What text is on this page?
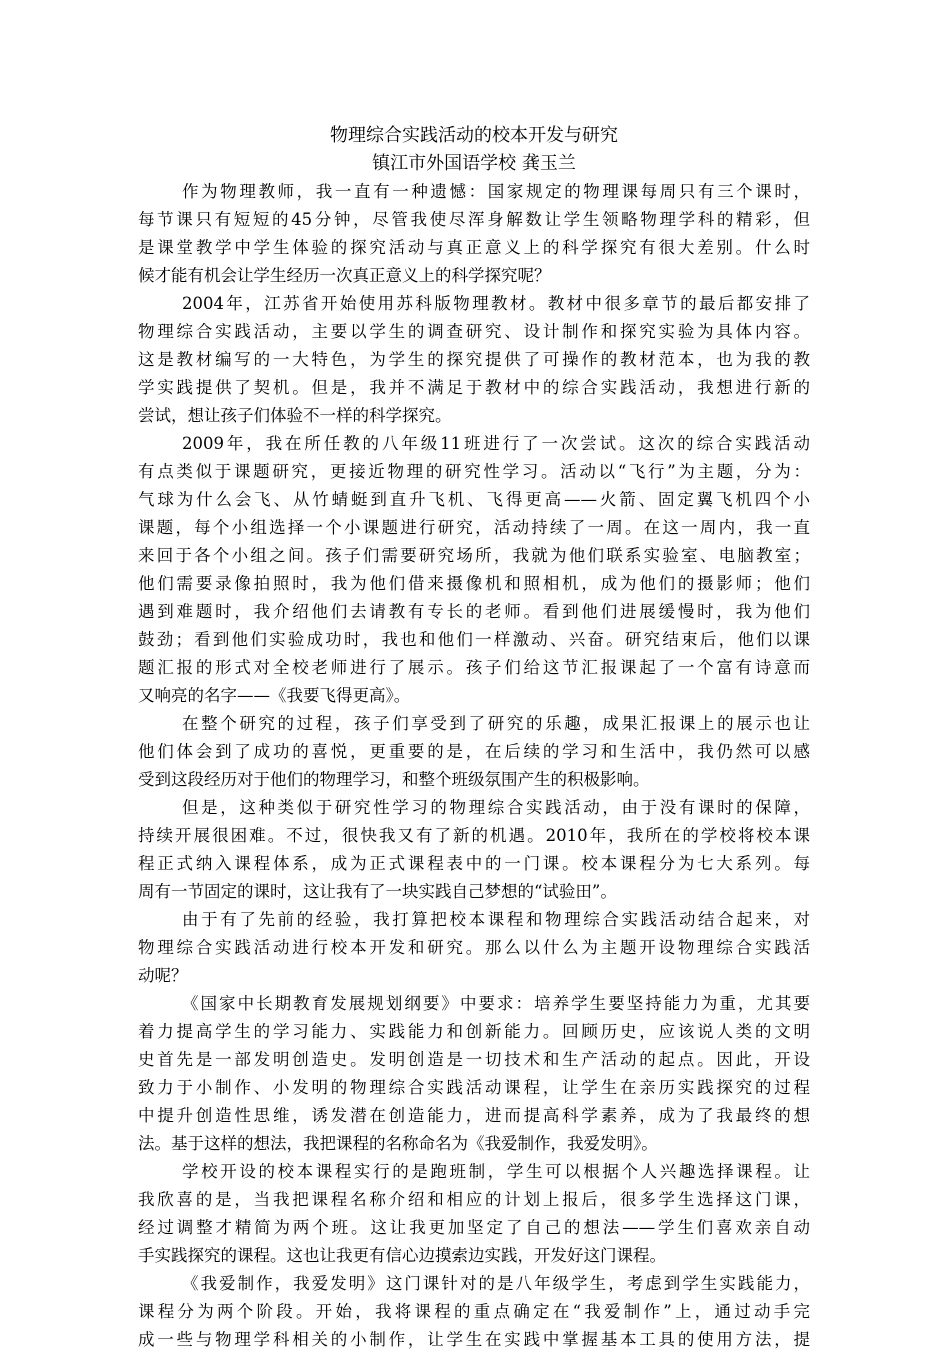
物理综合实践活动的校本开发与研究
镇江市外国语学校 龚玉兰
作为物理教师，我一直有一种遗憾：国家规定的物理课每周只有三个课时，
每节课只有短短的45分钟，尽管我使尽浑身解数让学生领略物理学科的精彩，但
是课堂教学中学生体验的探究活动与真正意义上的科学探究有很大差别。什么时
候才能有机会让学生经历一次真正意义上的科学探究呢？
2004年，江苏省开始使用苏科版物理教材。教材中很多章节的最后都安排了
物理综合实践活动，主要以学生的调查研究、设计制作和探究实验为具体内容。
这是教材编写的一大特色，为学生的探究提供了可操作的教材范本，也为我的教
学实践提供了契机。但是，我并不满足于教材中的综合实践活动，我想进行新的
尝试，想让孩子们体验不一样的科学探究。
2009年，我在所任教的八年级11班进行了一次尝试。这次的综合实践活动
有点类似于课题研究，更接近物理的研究性学习。活动以“飞行”为主题，分为：
气球为什么会飞、从竹蜻蜓到直升飞机、飞得更高——火箭、固定翼飞机四个小
课题，每个小组选择一个小课题进行研究，活动持续了一周。在这一周内，我一直
来回于各个小组之间。孩子们需要研究场所，我就为他们联系实验室、电脑教室；
他们需要录像拍照时，我为他们借来摄像机和照相机，成为他们的摄影师；他们
遇到难题时，我介绍他们去请教有专长的老师。看到他们进展缓慢时，我为他们
鼓劲；看到他们实验成功时，我也和他们一样激动、兴奋。研究结束后，他们以课
题汇报的形式对全校老师进行了展示。孩子们给这节汇报课起了一个富有诗意而
又响亮的名字——《我要飞得更高》。
在整个研究的过程，孩子们享受到了研究的乐趣，成果汇报课上的展示也让
他们体会到了成功的喜悦，更重要的是，在后续的学习和生活中，我仍然可以感
受到这段经历对于他们的物理学习，和整个班级氛围产生的积极影响。
但是，这种类似于研究性学习的物理综合实践活动，由于没有课时的保障，
持续开展很困难。不过，很快我又有了新的机遇。2010年，我所在的学校将校本课
程正式纳入课程体系，成为正式课程表中的一门课。校本课程分为七大系列。每
周有一节固定的课时，这让我有了一块实践自己梦想的“试验田”。
由于有了先前的经验，我打算把校本课程和物理综合实践活动结合起来，对
物理综合实践活动进行校本开发和研究。那么以什么为主题开设物理综合实践活
动呢？
《国家中长期教育发展规划纲要》中要求：培养学生要坚持能力为重，尤其要
着力提高学生的学习能力、实践能力和创新能力。回顾历史，应该说人类的文明
史首先是一部发明创造史。发明创造是一切技术和生产活动的起点。因此，开设
致力于小制作、小发明的物理综合实践活动课程，让学生在亲历实践探究的过程
中提升创造性思维，诱发潜在创造能力，进而提高科学素养，成为了我最终的想
法。基于这样的想法，我把课程的名称命名为《我爱制作，我爱发明》。
学校开设的校本课程实行的是跑班制，学生可以根据个人兴趣选择课程。让
我欣喜的是，当我把课程名称介绍和相应的计划上报后，很多学生选择这门课，
经过调整才精简为两个班。这让我更加坚定了自己的想法——学生们喜欢亲自动
手实践探究的课程。这也让我更有信心边摸索边实践，开发好这门课程。
《我爱制作，我爱发明》这门课针对的是八年级学生，考虑到学生实践能力，
课程分为两个阶段。开始，我将课程的重点确定在“我爱制作”上，通过动手完
成一些与物理学科相关的小制作，让学生在实践中掌握基本工具的使用方法，提
